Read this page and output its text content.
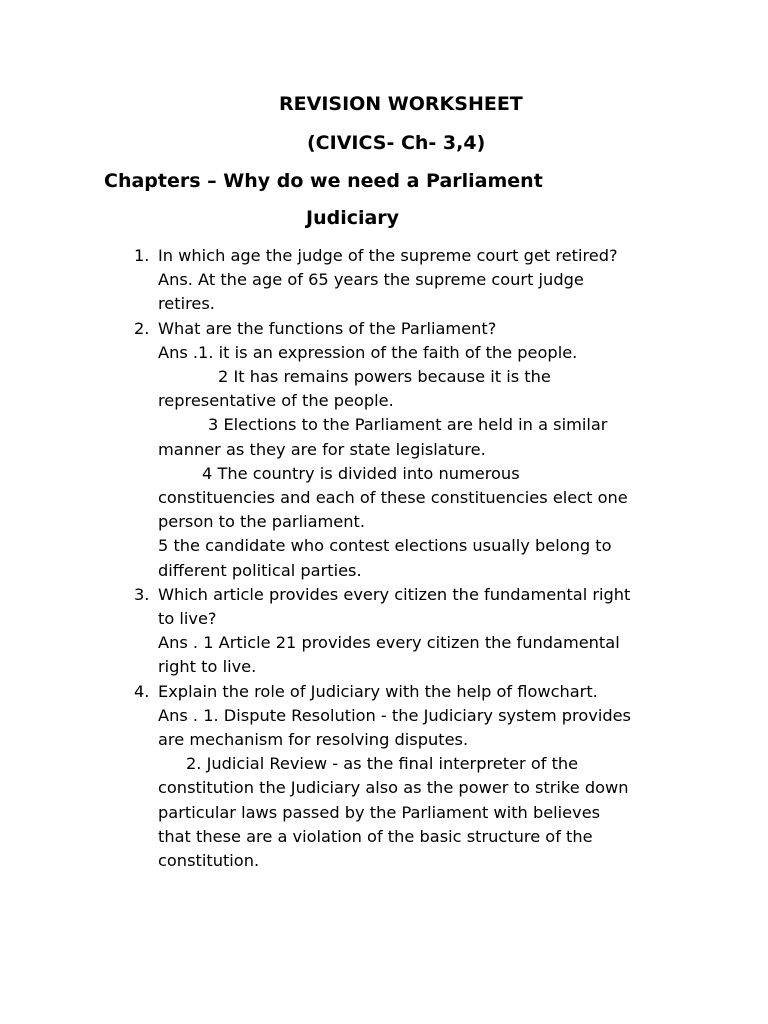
REVISION WORKSHEET
(CIVICS- Ch- 3,4)
Chapters – Why do we need a Parliament
Judiciary
1. In which age the judge of the supreme court get retired?
Ans. At the age of 65 years the supreme court judge
retires.
2. What are the functions of the Parliament?
Ans .1. it is an expression of the faith of the people.
2 It has remains powers because it is the
representative of the people.
3 Elections to the Parliament are held in a similar
manner as they are for state legislature.
4 The country is divided into numerous
constituencies and each of these constituencies elect one
person to the parliament.
5 the candidate who contest elections usually belong to
different political parties.
3. Which article provides every citizen the fundamental right
to live?
Ans . 1 Article 21 provides every citizen the fundamental
right to live.
4. Explain the role of Judiciary with the help of flowchart.
Ans . 1. Dispute Resolution - the Judiciary system provides
are mechanism for resolving disputes.
2. Judicial Review - as the final interpreter of the
constitution the Judiciary also as the power to strike down
particular laws passed by the Parliament with believes
that these are a violation of the basic structure of the
constitution.
